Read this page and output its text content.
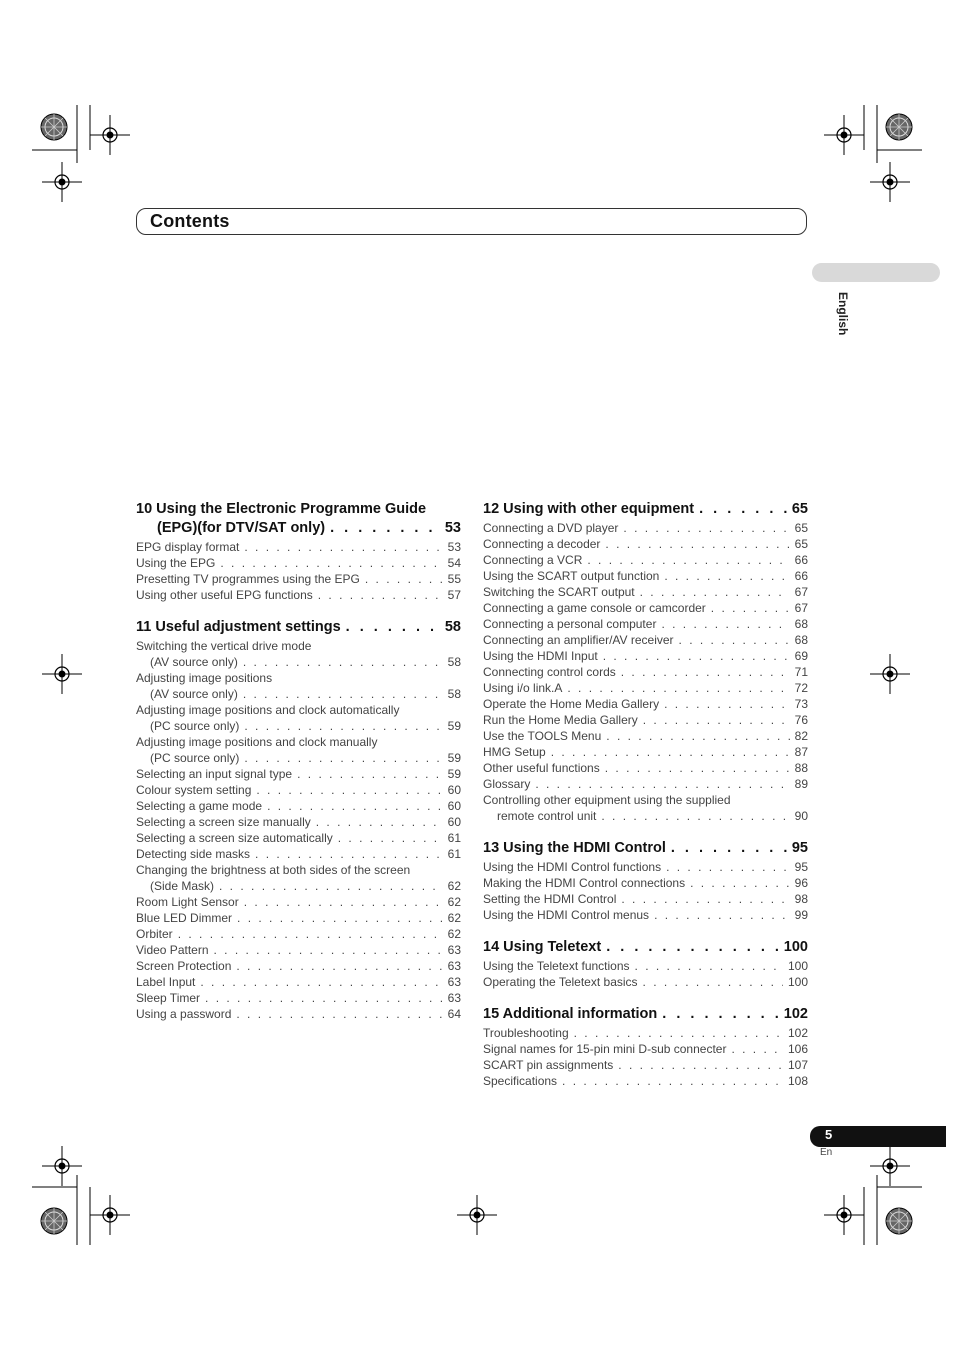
Contents
English
10 Using the Electronic Programme Guide
(EPG)(for DTV/SAT only) . . .	53
EPG display format . . .	53
Using the EPG . . .	54
Presetting TV programmes using the EPG . . .	55
Using other useful EPG functions . . .	57
11 Useful adjustment settings . . .	58
Switching the vertical drive mode
(AV source only) . . .	58
Adjusting image positions
(AV source only) . . .	58
Adjusting image positions and clock automatically
(PC source only) . . .	59
Adjusting image positions and clock manually
(PC source only) . . .	59
Selecting an input signal type . . .	59
Colour system setting . . .	60
Selecting a game mode . . .	60
Selecting a screen size manually . . .	60
Selecting a screen size automatically . . .	61
Detecting side masks . . .	61
Changing the brightness at both sides of the screen
(Side Mask) . . .	62
Room Light Sensor . . .	62
Blue LED Dimmer . . .	62
Orbiter . . .	62
Video Pattern . . .	63
Screen Protection . . .	63
Label Input . . .	63
Sleep Timer . . .	63
Using a password . . .	64
12 Using with other equipment . . .	65
Connecting a DVD player . . .	65
Connecting a decoder . . .	65
Connecting a VCR . . .	66
Using the SCART output function . . .	66
Switching the SCART output . . .	67
Connecting a game console or camcorder . . .	67
Connecting a personal computer . . .	68
Connecting an amplifier/AV receiver . . .	68
Using the HDMI Input . . .	69
Connecting control cords . . .	71
Using i/o link.A . . .	72
Operate the Home Media Gallery . . .	73
Run the Home Media Gallery . . .	76
Use the TOOLS Menu . . .	82
HMG Setup . . .	87
Other useful functions . . .	88
Glossary . . .	89
Controlling other equipment using the supplied
remote control unit . . .	90
13 Using the HDMI Control . . .	95
Using the HDMI Control functions . . .	95
Making the HDMI Control connections . . .	96
Setting the HDMI Control . . .	98
Using the HDMI Control menus . . .	99
14 Using Teletext . . .	100
Using the Teletext functions . . .	100
Operating the Teletext basics . . .	100
15 Additional information . . .	102
Troubleshooting . . .	102
Signal names for 15-pin mini D-sub connecter . . .	106
SCART pin assignments . . .	107
Specifications . . .	108
5
En
